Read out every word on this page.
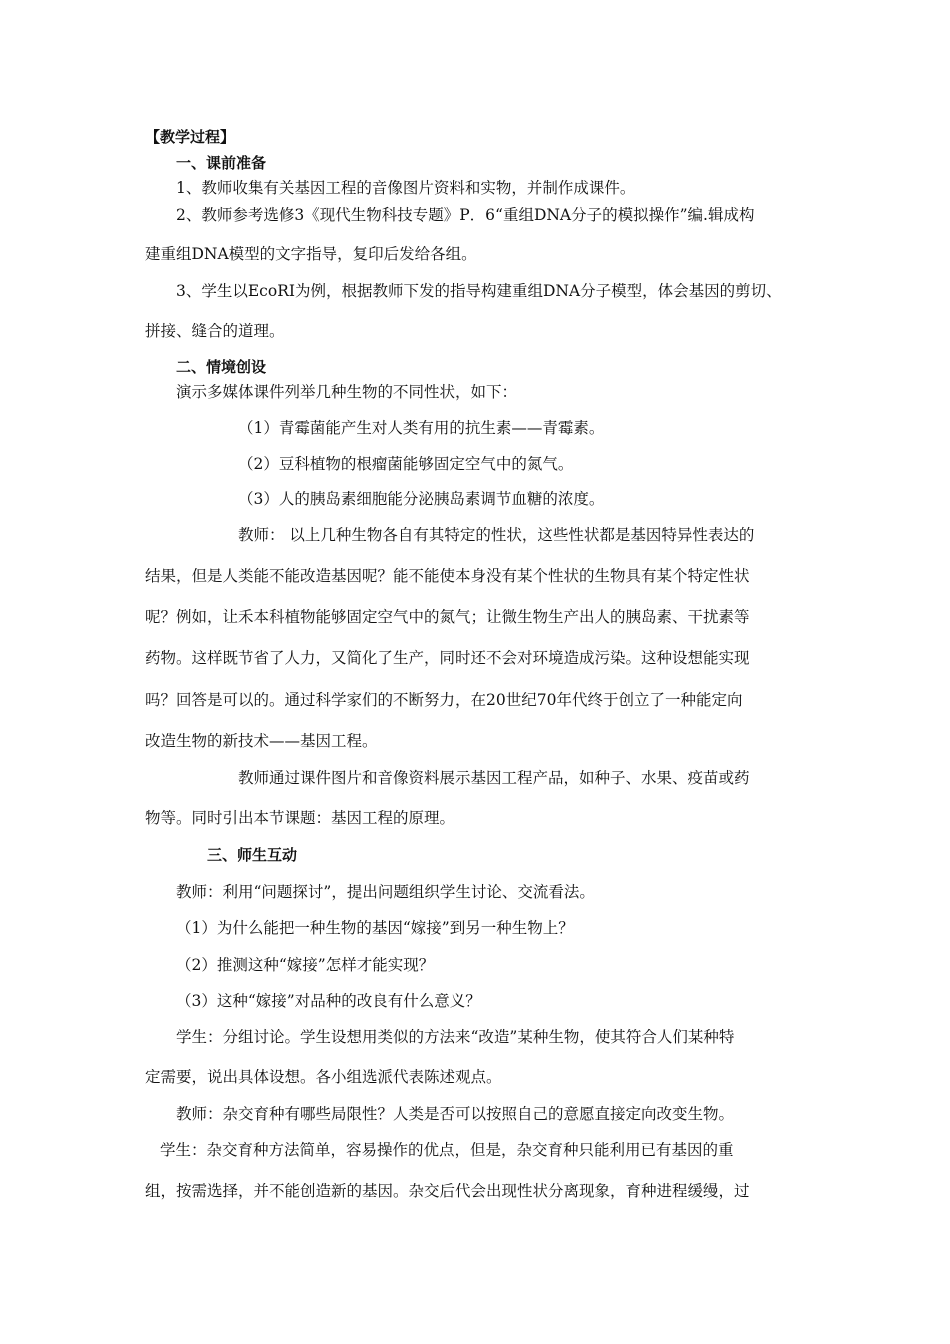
【教学过程】
一、课前准备
1、教师收集有关基因工程的音像图片资料和实物，并制作成课件。
2、教师参考选修3《现代生物科技专题》P．6“重组DNA分子的模拟操作”编.辑成构
建重组DNA模型的文字指导，复印后发给各组。
3、学生以EcoRI为例，根据教师下发的指导构建重组DNA分子模型，体会基因的剪切、
拼接、缝合的道理。
二、情境创设
演示多媒体课件列举几种生物的不同性状，如下：
（1）青霉菌能产生对人类有用的抗生素——青霉素。
（2）豆科植物的根瘤菌能够固定空气中的氮气。
（3）人的胰岛素细胞能分泌胰岛素调节血糖的浓度。
教师： 以上几种生物各自有其特定的性状，这些性状都是基因特异性表达的
结果，但是人类能不能改造基因呢？能不能使本身没有某个性状的生物具有某个特定性状
呢？例如，让禾本科植物能够固定空气中的氮气；让微生物生产出人的胰岛素、干扰素等
药物。这样既节省了人力，又简化了生产，同时还不会对环境造成污染。这种设想能实现
吗？回答是可以的。通过科学家们的不断努力，在20世纪70年代终于创立了一种能定向
改造生物的新技术——基因工程。
教师通过课件图片和音像资料展示基因工程产品，如种子、水果、疫苗或药
物等。同时引出本节课题：基因工程的原理。
三、师生互动
教师：利用“问题探讨”，提出问题组织学生讨论、交流看法。
（1）为什么能把一种生物的基因“嫁接”到另一种生物上？
（2）推测这种“嫁接”怎样才能实现？
（3）这种“嫁接”对品种的改良有什么意义？
学生：分组讨论。学生设想用类似的方法来“改造”某种生物，使其符合人们某种特
定需要，说出具体设想。各小组选派代表陈述观点。
教师：杂交育种有哪些局限性？人类是否可以按照自己的意愿直接定向改变生物。
学生：杂交育种方法简单，容易操作的优点，但是，杂交育种只能利用已有基因的重
组，按需选择，并不能创造新的基因。杂交后代会出现性状分离现象，育种进程缓缦，过
